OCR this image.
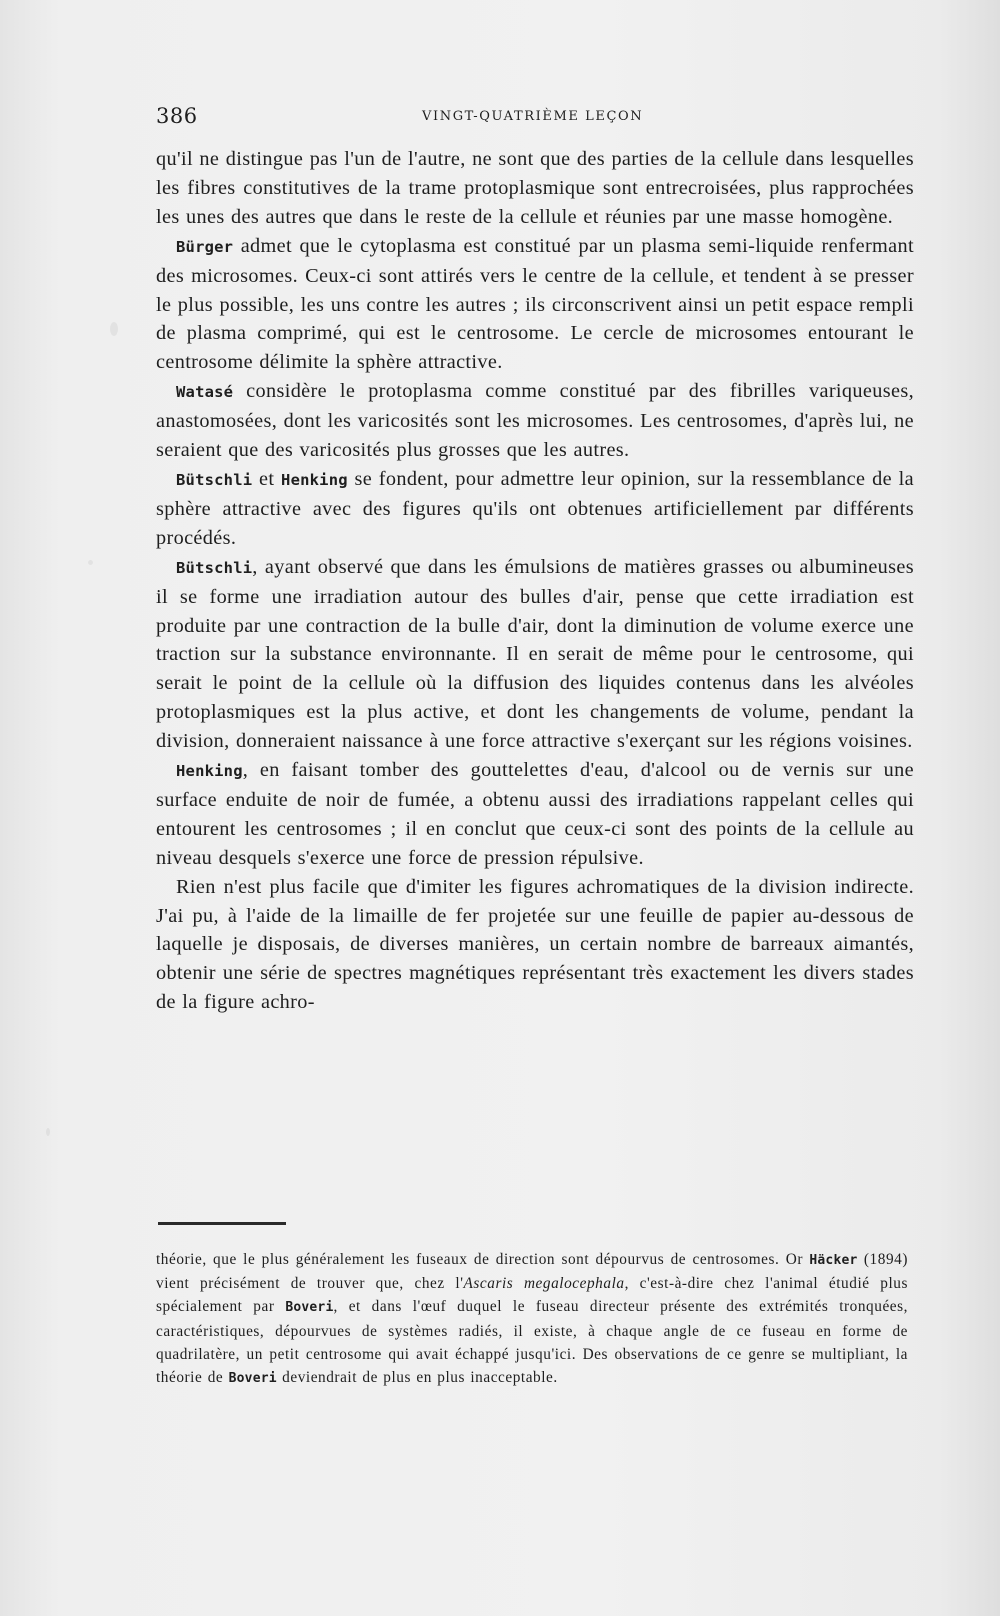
386	VINGT-QUATRIÈME LEÇON

qu'il ne distingue pas l'un de l'autre, ne sont que des parties de la cellule dans lesquelles les fibres constitutives de la trame protoplasmique sont entrecroisées, plus rapprochées les unes des autres que dans le reste de la cellule et réunies par une masse homogène.

Bürger admet que le cytoplasma est constitué par un plasma semi-liquide renfermant des microsomes. Ceux-ci sont attirés vers le centre de la cellule, et tendent à se presser le plus possible, les uns contre les autres ; ils circonscrivent ainsi un petit espace rempli de plasma comprimé, qui est le centrosome. Le cercle de microsomes entourant le centrosome délimite la sphère attractive.

Watasé considère le protoplasma comme constitué par des fibrilles variqueuses, anastomosées, dont les varicosités sont les microsomes. Les centrosomes, d'après lui, ne seraient que des varicosités plus grosses que les autres.

Bütschli et Henking se fondent, pour admettre leur opinion, sur la ressemblance de la sphère attractive avec des figures qu'ils ont obtenues artificiellement par différents procédés.

Bütschli, ayant observé que dans les émulsions de matières grasses ou albumineuses il se forme une irradiation autour des bulles d'air, pense que cette irradiation est produite par une contraction de la bulle d'air, dont la diminution de volume exerce une traction sur la substance environnante. Il en serait de même pour le centrosome, qui serait le point de la cellule où la diffusion des liquides contenus dans les alvéoles protoplasmiques est la plus active, et dont les changements de volume, pendant la division, donneraient naissance à une force attractive s'exerçant sur les régions voisines.

Henking, en faisant tomber des gouttelettes d'eau, d'alcool ou de vernis sur une surface enduite de noir de fumée, a obtenu aussi des irradiations rappelant celles qui entourent les centrosomes ; il en conclut que ceux-ci sont des points de la cellule au niveau desquels s'exerce une force de pression répulsive.

Rien n'est plus facile que d'imiter les figures achromatiques de la division indirecte. J'ai pu, à l'aide de la limaille de fer projetée sur une feuille de papier au-dessous de laquelle je disposais, de diverses manières, un certain nombre de barreaux aimantés, obtenir une série de spectres magnétiques représentant très exactement les divers stades de la figure achro-

théorie, que le plus généralement les fuseaux de direction sont dépourvus de centrosomes. Or Häcker (1894) vient précisément de trouver que, chez l'Ascaris megalocephala, c'est-à-dire chez l'animal étudié plus spécialement par Boveri, et dans l'œuf duquel le fuseau directeur présente des extrémités tronquées, caractéristiques, dépourvues de systèmes radiés, il existe, à chaque angle de ce fuseau en forme de quadrilatère, un petit centrosome qui avait échappé jusqu'ici. Des observations de ce genre se multipliant, la théorie de Boveri deviendrait de plus en plus inacceptable.
